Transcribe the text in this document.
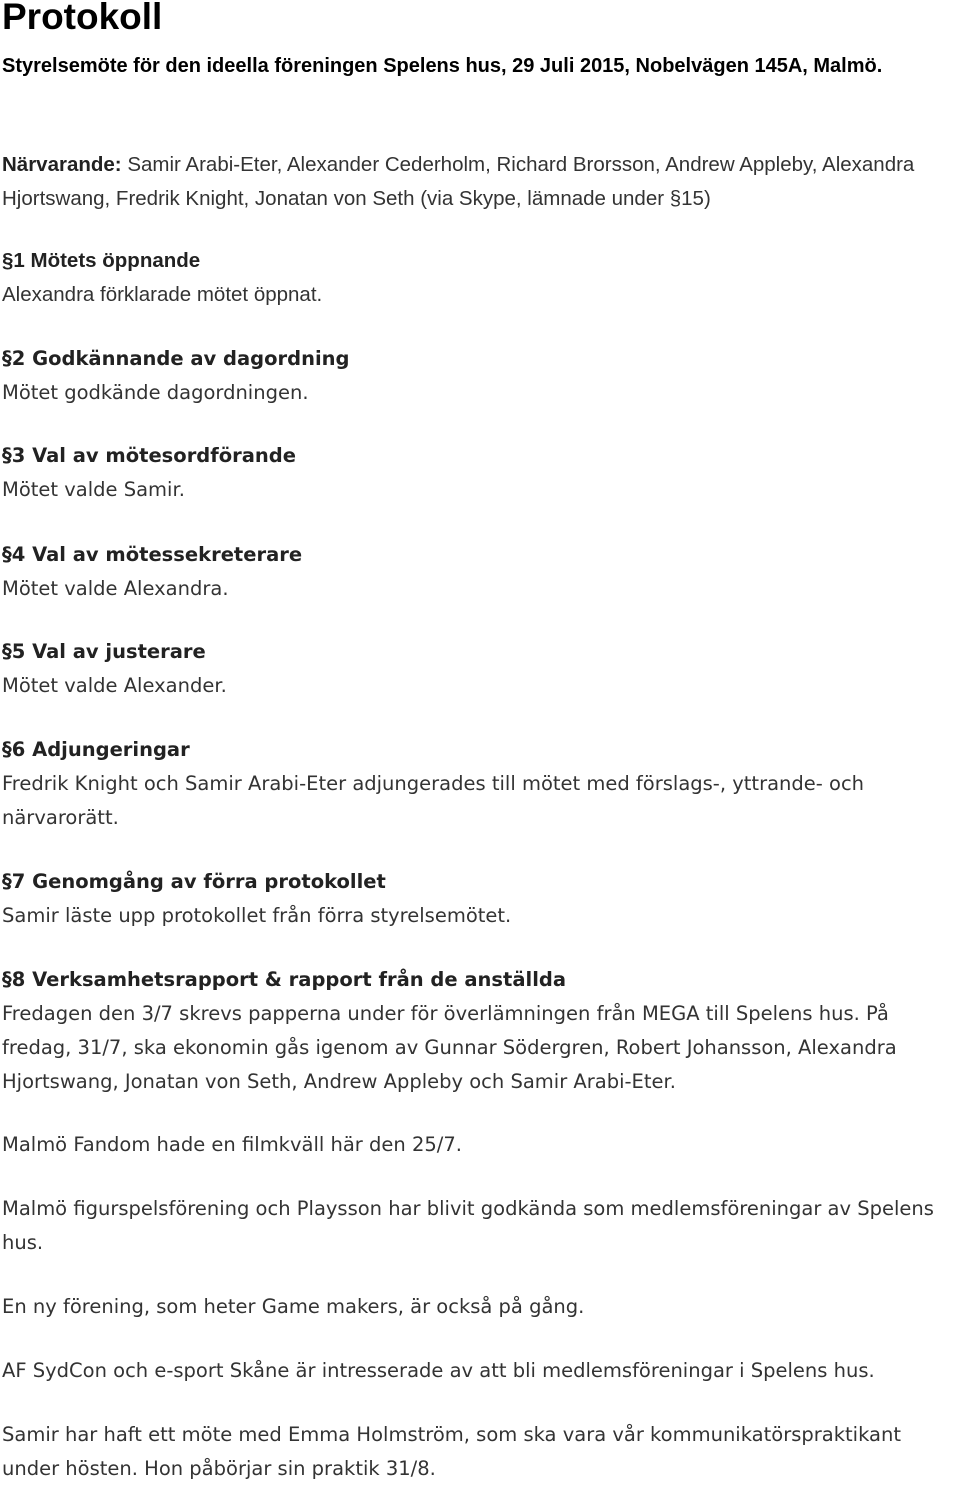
Protokoll

Styrelsemöte för den ideella föreningen Spelens hus, 29 Juli 2015, Nobelvägen 145A, Malmö.

Närvarande: Samir Arabi-Eter, Alexander Cederholm, Richard Brorsson, Andrew Appleby, Alexandra Hjortswang, Fredrik Knight, Jonatan von Seth (via Skype, lämnade under §15)

§1 Mötets öppnande

Alexandra förklarade mötet öppnat.

§2 Godkännande av dagordning

Mötet godkände dagordningen.

§3 Val av mötesordförande

Mötet valde Samir.

§4 Val av mötessekreterare

Mötet valde Alexandra.

§5 Val av justerare

Mötet valde Alexander.

§6 Adjungeringar

Fredrik Knight och Samir Arabi-Eter adjungerades till mötet med förslags-, yttrande- och närvarorätt.

§7 Genomgång av förra protokollet

Samir läste upp protokollet från förra styrelsemötet.

§8 Verksamhetsrapport & rapport från de anställda

Fredagen den 3/7 skrevs papperna under för överlämningen från MEGA till Spelens hus. På fredag, 31/7, ska ekonomin gås igenom av Gunnar Södergren, Robert Johansson, Alexandra Hjortswang, Jonatan von Seth, Andrew Appleby och Samir Arabi-Eter.

Malmö Fandom hade en filmkväll här den 25/7.

Malmö figurspelsförening och Playsson har blivit godkända som medlemsföreningar av Spelens hus.

En ny förening, som heter Game makers, är också på gång.

AF SydCon och e-sport Skåne är intresserade av att bli medlemsföreningar i Spelens hus.

Samir har haft ett möte med Emma Holmström, som ska vara vår kommunikatörspraktikant under hösten. Hon påbörjar sin praktik 31/8.
